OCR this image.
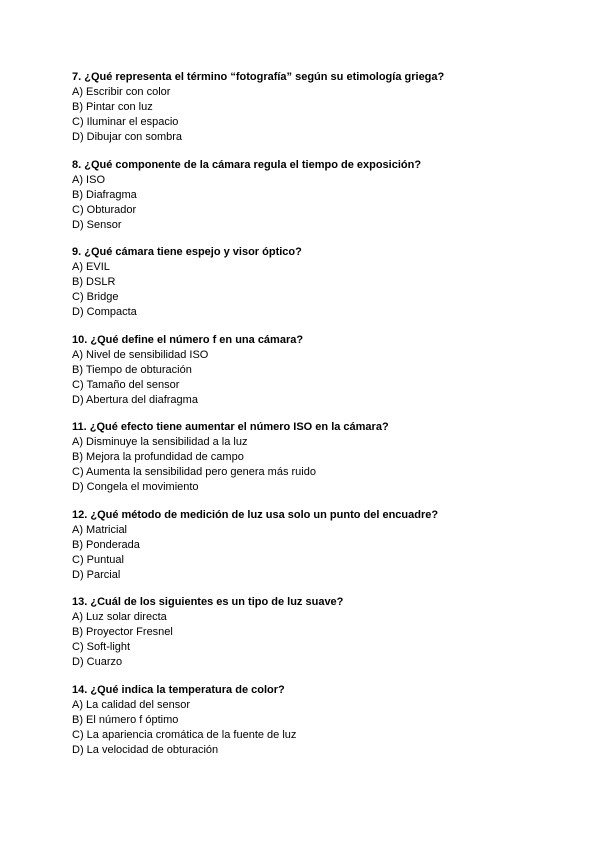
7. ¿Qué representa el término “fotografía” según su etimología griega?
A) Escribir con color
B) Pintar con luz
C) Iluminar el espacio
D) Dibujar con sombra
8. ¿Qué componente de la cámara regula el tiempo de exposición?
A) ISO
B) Diafragma
C) Obturador
D) Sensor
9. ¿Qué cámara tiene espejo y visor óptico?
A) EVIL
B) DSLR
C) Bridge
D) Compacta
10. ¿Qué define el número f en una cámara?
A) Nivel de sensibilidad ISO
B) Tiempo de obturación
C) Tamaño del sensor
D) Abertura del diafragma
11. ¿Qué efecto tiene aumentar el número ISO en la cámara?
A) Disminuye la sensibilidad a la luz
B) Mejora la profundidad de campo
C) Aumenta la sensibilidad pero genera más ruido
D) Congela el movimiento
12. ¿Qué método de medición de luz usa solo un punto del encuadre?
A) Matricial
B) Ponderada
C) Puntual
D) Parcial
13. ¿Cuál de los siguientes es un tipo de luz suave?
A) Luz solar directa
B) Proyector Fresnel
C) Soft-light
D) Cuarzo
14. ¿Qué indica la temperatura de color?
A) La calidad del sensor
B) El número f óptimo
C) La apariencia cromática de la fuente de luz
D) La velocidad de obturación
